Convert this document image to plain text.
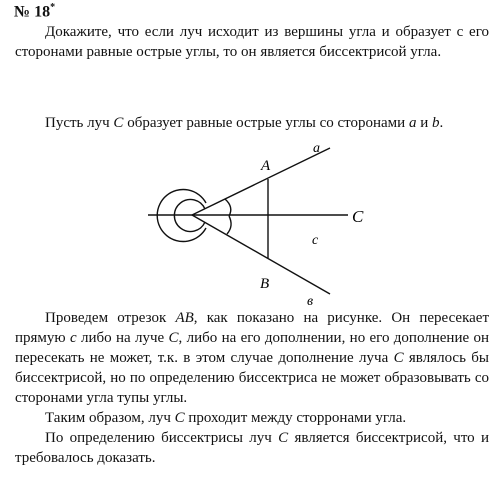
№ 18*

Докажите, что если луч исходит из вершины угла и образует с его сторонами равные острые углы, то он является биссектрисой угла.

Пусть луч C образует равные острые углы со сторонами a и b.

A
B
C
a
в
c

Проведем отрезок AB, как показано на рисунке. Он пересекает прямую c либо на луче C, либо на его дополнении, но его дополнение он пересекать не может, т.к. в этом случае дополнение луча C являлось бы биссектрисой, но по определению биссектриса не может образовывать со сторонами угла тупы углы.

Таким образом, луч C проходит между сторронами угла.

По определению биссектрисы луч C является биссектрисой, что и требовалось доказать.
